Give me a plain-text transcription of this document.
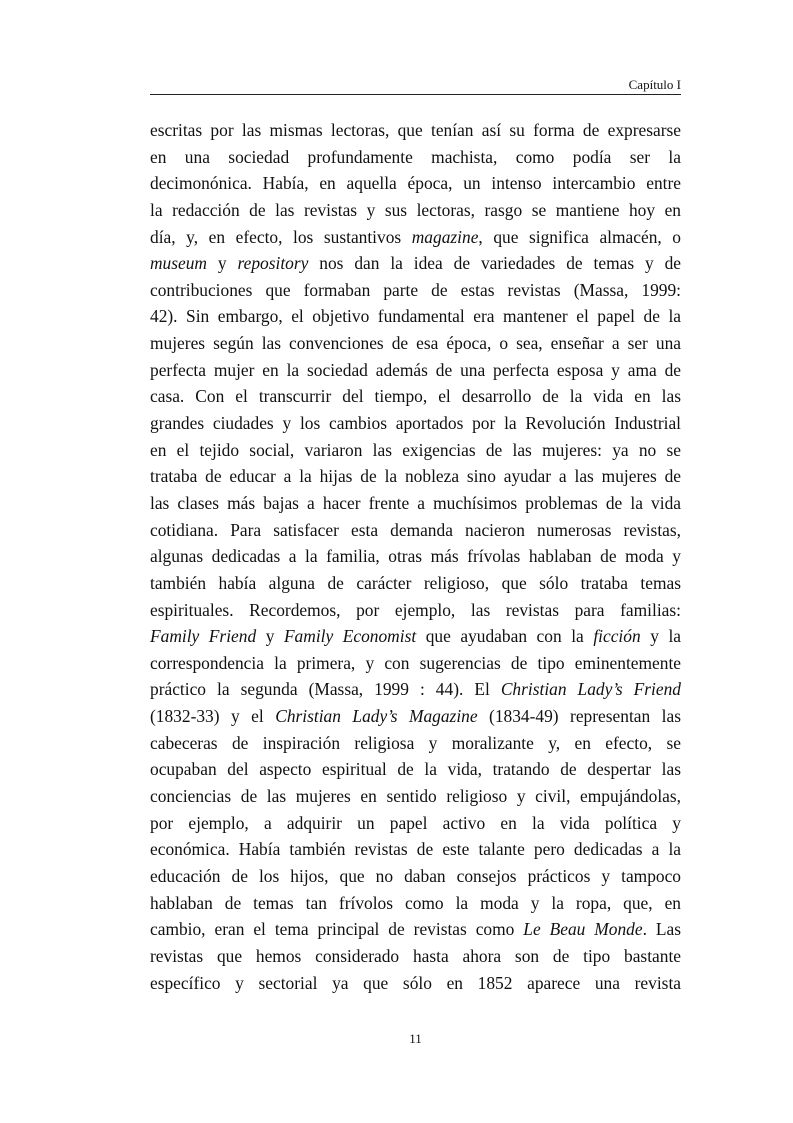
Capítulo I
escritas por las mismas lectoras, que tenían así su forma de expresarse
en una sociedad profundamente machista, como podía ser la
decimonónica. Había, en aquella época, un intenso intercambio entre
la redacción de las revistas y sus lectoras, rasgo se mantiene hoy en
día, y, en efecto, los sustantivos magazine, que significa almacén, o
museum y repository nos dan la idea de variedades de temas y de
contribuciones que formaban parte de estas revistas (Massa, 1999:
42). Sin embargo, el objetivo fundamental era mantener el papel de la
mujeres según las convenciones de esa época, o sea, enseñar a ser una
perfecta mujer en la sociedad además de una perfecta esposa y ama de
casa. Con el transcurrir del tiempo, el desarrollo de la vida en las
grandes ciudades y los cambios aportados por la Revolución Industrial
en el tejido social, variaron las exigencias de las mujeres: ya no se
trataba de educar a la hijas de la nobleza sino ayudar a las mujeres de
las clases más bajas a hacer frente a muchísimos problemas de la vida
cotidiana. Para satisfacer esta demanda nacieron numerosas revistas,
algunas dedicadas a la familia, otras más frívolas hablaban de moda y
también había alguna de carácter religioso, que sólo trataba temas
espirituales. Recordemos, por ejemplo, las revistas para familias:
Family Friend y Family Economist que ayudaban con la ficción y la
correspondencia la primera, y con sugerencias de tipo eminentemente
práctico la segunda (Massa, 1999 : 44). El Christian Lady’s Friend
(1832-33) y el Christian Lady’s Magazine (1834-49) representan las
cabeceras de inspiración religiosa y moralizante y, en efecto, se
ocupaban del aspecto espiritual de la vida, tratando de despertar las
conciencias de las mujeres en sentido religioso y civil, empujándolas,
por ejemplo, a adquirir un papel activo en la vida política y
económica. Había también revistas de este talante pero dedicadas a la
educación de los hijos, que no daban consejos prácticos y tampoco
hablaban de temas tan frívolos como la moda y la ropa, que, en
cambio, eran el tema principal de revistas como Le Beau Monde. Las
revistas que hemos considerado hasta ahora son de tipo bastante
específico y sectorial ya que sólo en 1852 aparece una revista
11
